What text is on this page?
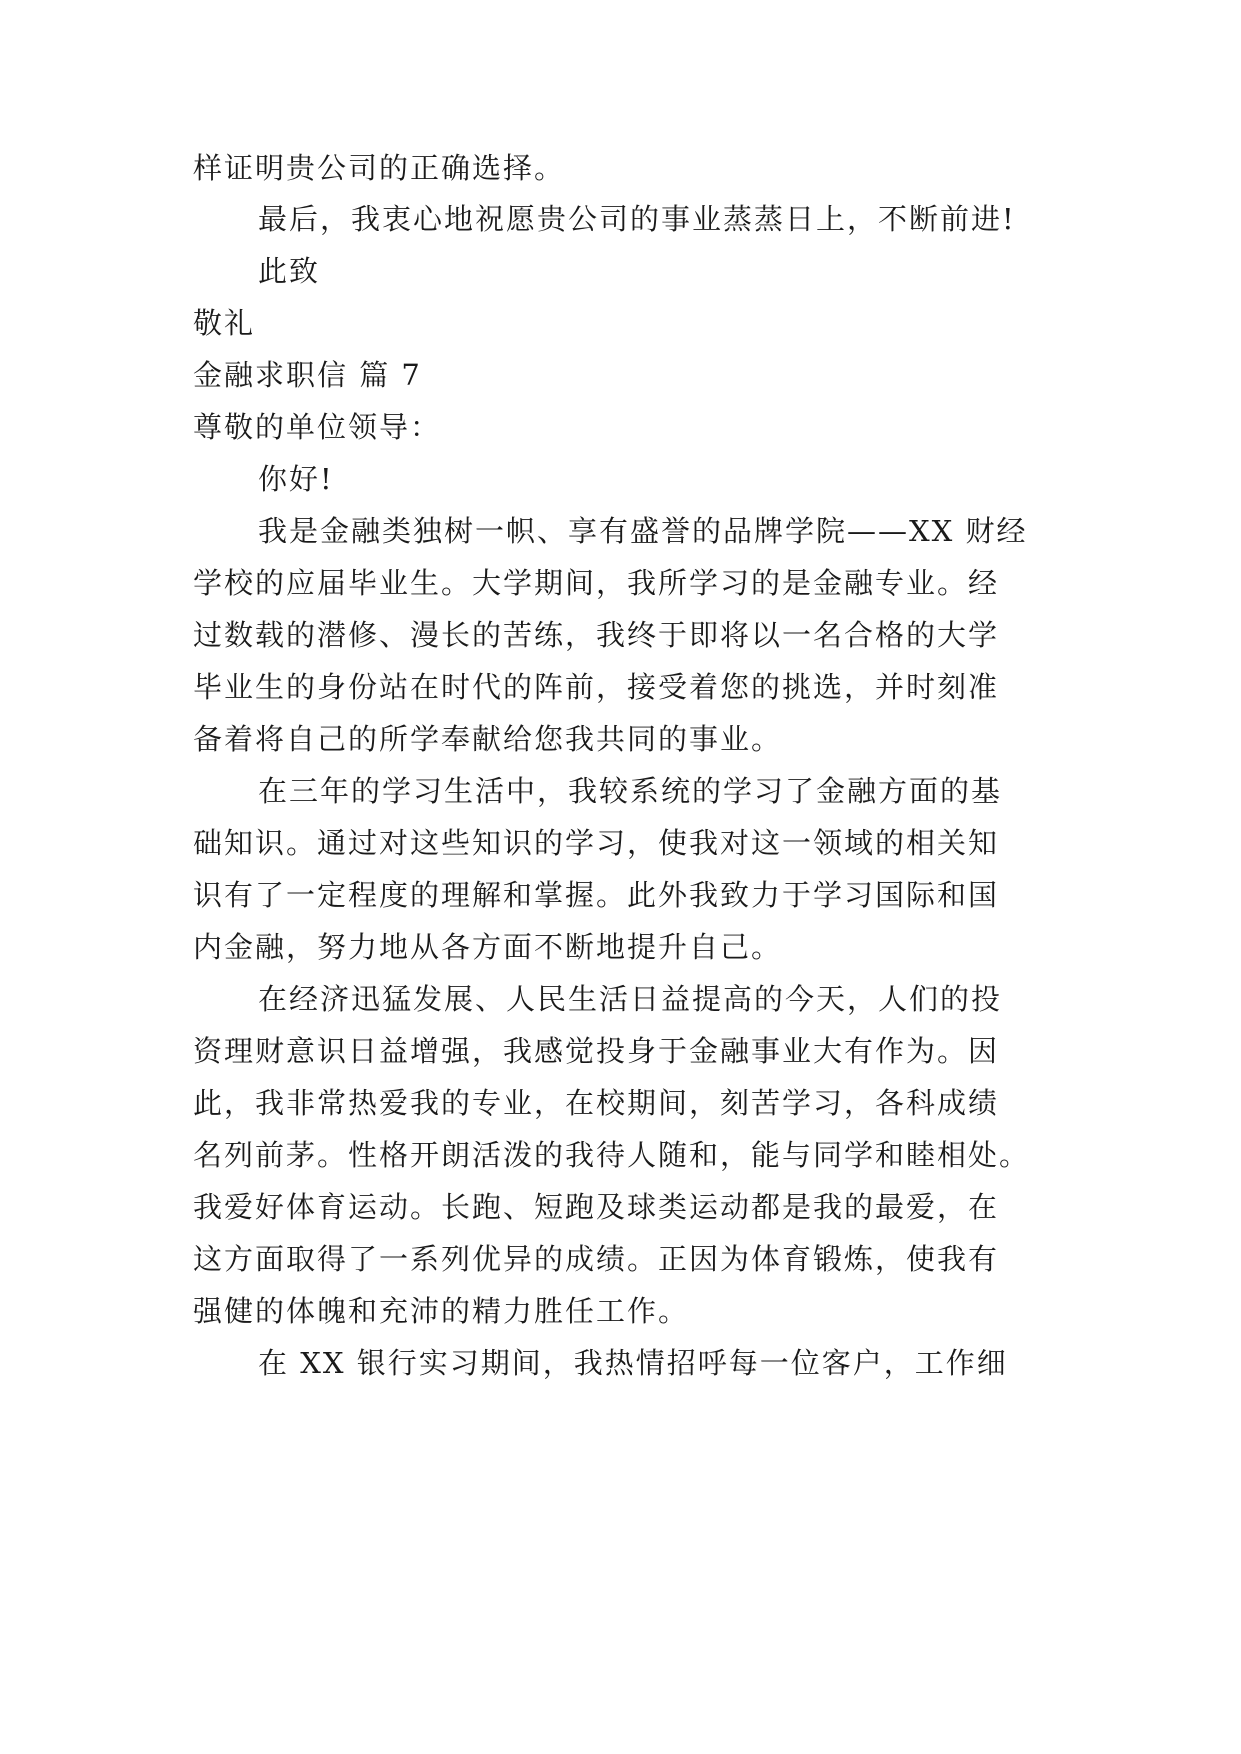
样证明贵公司的正确选择。
最后，我衷心地祝愿贵公司的事业蒸蒸日上，不断前进!
此致
敬礼
金融求职信 篇 7
尊敬的单位领导：
你好!
我是金融类独树一帜、享有盛誉的品牌学院——XX 财经
学校的应届毕业生。大学期间，我所学习的是金融专业。经
过数载的潜修、漫长的苦练，我终于即将以一名合格的大学
毕业生的身份站在时代的阵前，接受着您的挑选，并时刻准
备着将自己的所学奉献给您我共同的事业。
在三年的学习生活中，我较系统的学习了金融方面的基
础知识。通过对这些知识的学习，使我对这一领域的相关知
识有了一定程度的理解和掌握。此外我致力于学习国际和国
内金融，努力地从各方面不断地提升自己。
在经济迅猛发展、人民生活日益提高的今天，人们的投
资理财意识日益增强，我感觉投身于金融事业大有作为。因
此，我非常热爱我的专业，在校期间，刻苦学习，各科成绩
名列前茅。性格开朗活泼的我待人随和，能与同学和睦相处。
我爱好体育运动。长跑、短跑及球类运动都是我的最爱，在
这方面取得了一系列优异的成绩。正因为体育锻炼，使我有
强健的体魄和充沛的精力胜任工作。
在 XX 银行实习期间，我热情招呼每一位客户，工作细
